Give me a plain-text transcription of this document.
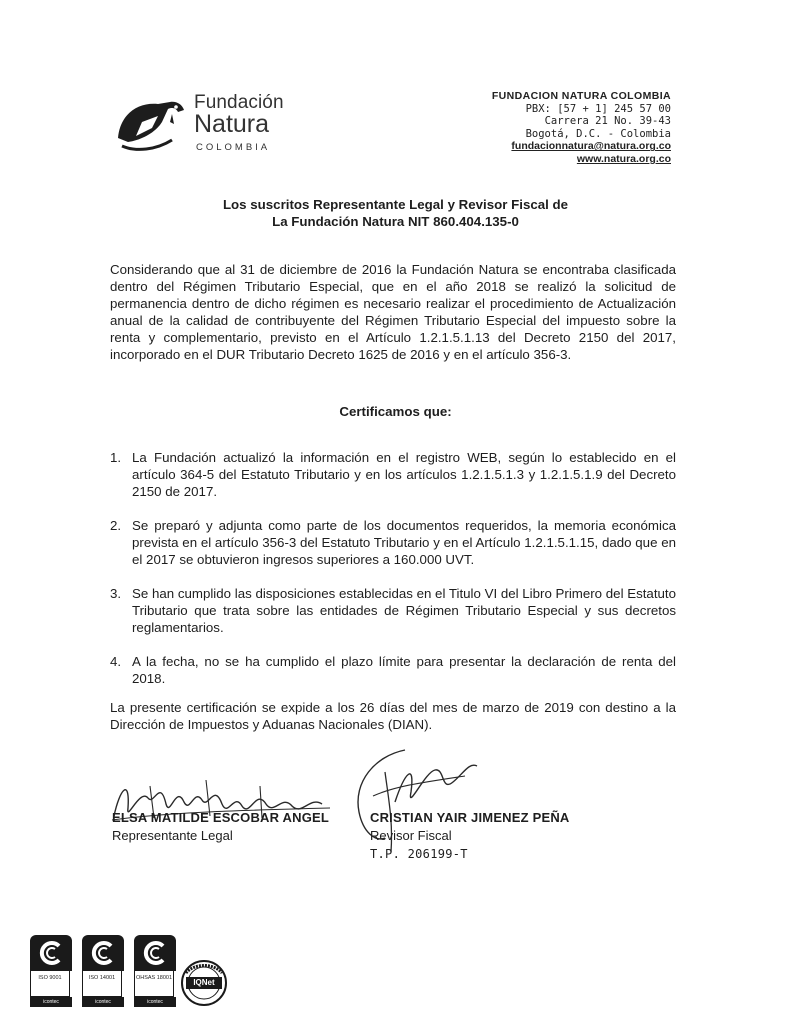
Fundación
Natura
COLOMBIA
FUNDACION NATURA COLOMBIA
PBX: [57 + 1] 245 57 00
Carrera 21 No. 39-43
Bogotá, D.C. - Colombia
fundacionnatura@natura.org.co
www.natura.org.co
Los suscritos Representante Legal y Revisor Fiscal de
La Fundación Natura NIT 860.404.135-0
Considerando que al 31 de diciembre de 2016 la Fundación Natura se encontraba clasificada dentro del Régimen Tributario Especial, que en el año 2018 se realizó la solicitud de permanencia dentro de dicho régimen es necesario realizar el procedimiento de Actualización anual de la calidad de contribuyente del Régimen Tributario Especial del impuesto sobre la renta y complementario, previsto en el Artículo 1.2.1.5.1.13 del Decreto 2150 del 2017, incorporado en el DUR Tributario Decreto 1625 de 2016 y en el artículo 356-3.
Certificamos que:
1. La Fundación actualizó la información en el registro WEB, según lo establecido en el artículo 364-5 del Estatuto Tributario y en los artículos 1.2.1.5.1.3 y 1.2.1.5.1.9 del Decreto 2150 de 2017.
2. Se preparó y adjunta como parte de los documentos requeridos, la memoria económica prevista en el artículo 356-3 del Estatuto Tributario y en el Artículo 1.2.1.5.1.15, dado que en el 2017 se obtuvieron ingresos superiores a 160.000 UVT.
3. Se han cumplido las disposiciones establecidas en el Titulo VI del Libro Primero del Estatuto Tributario que trata sobre las entidades de Régimen Tributario Especial y sus decretos reglamentarios.
4. A la fecha, no se ha cumplido el plazo límite para presentar la declaración de renta del 2018.
La presente certificación se expide a los 26 días del mes de marzo de 2019 con destino a la Dirección de Impuestos y Aduanas Nacionales (DIAN).
ELSA MATILDE ESCOBAR ANGEL
Representante Legal
CRISTIAN YAIR JIMENEZ PEÑA
Revisor Fiscal
T.P. 206199-T
ISO 9001
icontec
ISO 14001
icontec
OHSAS 18001
icontec
IQNet
